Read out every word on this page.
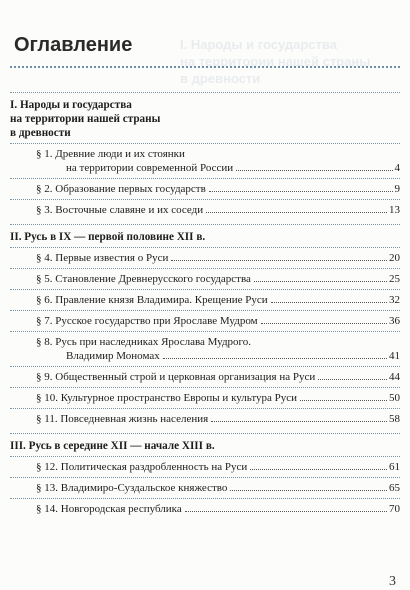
I. Народы и государства
на территории нашей страны
в древности
Оглавление
I. Народы и государства
на территории нашей страны
в древности
§ 1. Древние люди и их стоянки
на территории современной России	4
§ 2. Образование первых государств	9
§ 3. Восточные славяне и их соседи	13
II. Русь в IX — первой половине XII в.
§ 4. Первые известия о Руси	20
§ 5. Становление Древнерусского государства	25
§ 6. Правление князя Владимира. Крещение Руси	32
§ 7. Русское государство при Ярославе Мудром	36
§ 8. Русь при наследниках Ярослава Мудрого.
Владимир Мономах	41
§ 9. Общественный строй и церковная организация на Руси	44
§ 10. Культурное пространство Европы и культура Руси	50
§ 11. Повседневная жизнь населения	58
III. Русь в середине XII — начале XIII в.
§ 12. Политическая раздробленность на Руси	61
§ 13. Владимиро-Суздальское княжество	65
§ 14. Новгородская республика	70
3
